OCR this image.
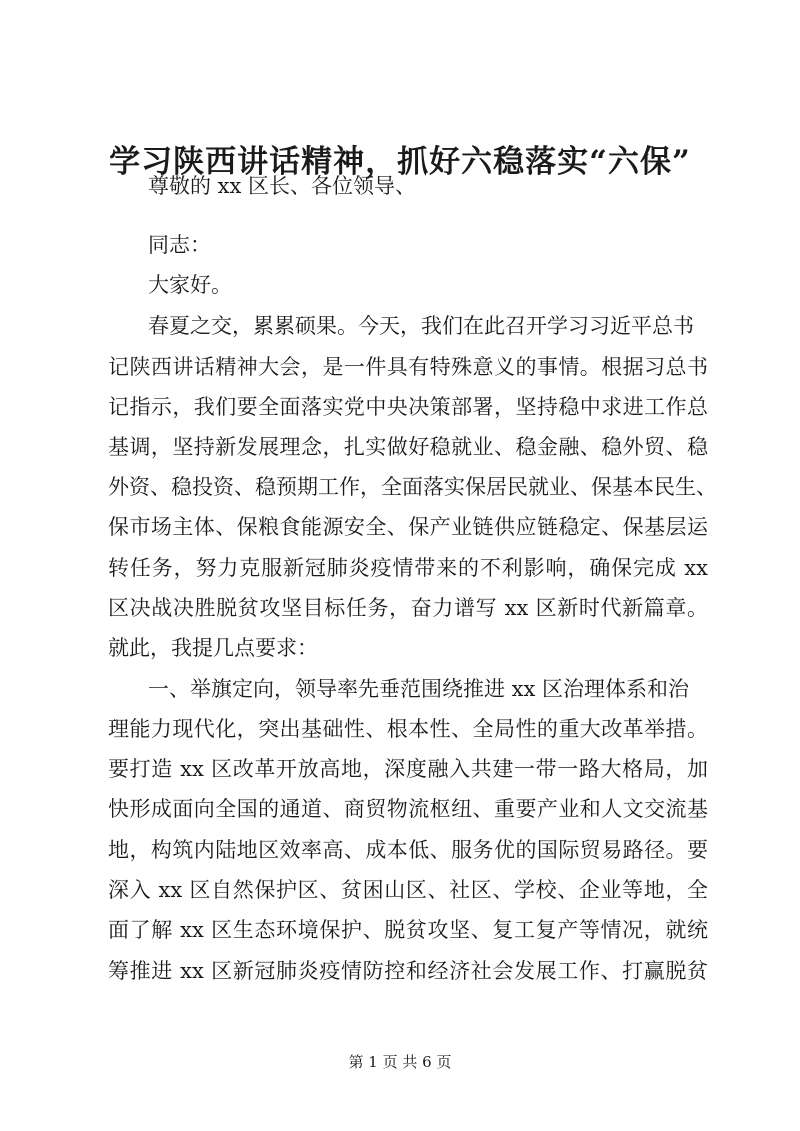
学习陕西讲话精神，抓好六稳落实“六保”

尊敬的 xx 区长、各位领导、

同志：

大家好。

春夏之交，累累硕果。今天，我们在此召开学习习近平总书

记陕西讲话精神大会，是一件具有特殊意义的事情。根据习总书

记指示，我们要全面落实党中央决策部署，坚持稳中求进工作总

基调，坚持新发展理念，扎实做好稳就业、稳金融、稳外贸、稳

外资、稳投资、稳预期工作，全面落实保居民就业、保基本民生、

保市场主体、保粮食能源安全、保产业链供应链稳定、保基层运

转任务，努力克服新冠肺炎疫情带来的不利影响，确保完成 xx

区决战决胜脱贫攻坚目标任务，奋力谱写 xx 区新时代新篇章。

就此，我提几点要求：

一、举旗定向，领导率先垂范围绕推进 xx 区治理体系和治

理能力现代化，突出基础性、根本性、全局性的重大改革举措。

要打造 xx 区改革开放高地，深度融入共建一带一路大格局，加

快形成面向全国的通道、商贸物流枢纽、重要产业和人文交流基

地，构筑内陆地区效率高、成本低、服务优的国际贸易路径。要

深入 xx 区自然保护区、贫困山区、社区、学校、企业等地，全

面了解 xx 区生态环境保护、脱贫攻坚、复工复产等情况，就统

筹推进 xx 区新冠肺炎疫情防控和经济社会发展工作、打赢脱贫

第 1 页 共 6 页
